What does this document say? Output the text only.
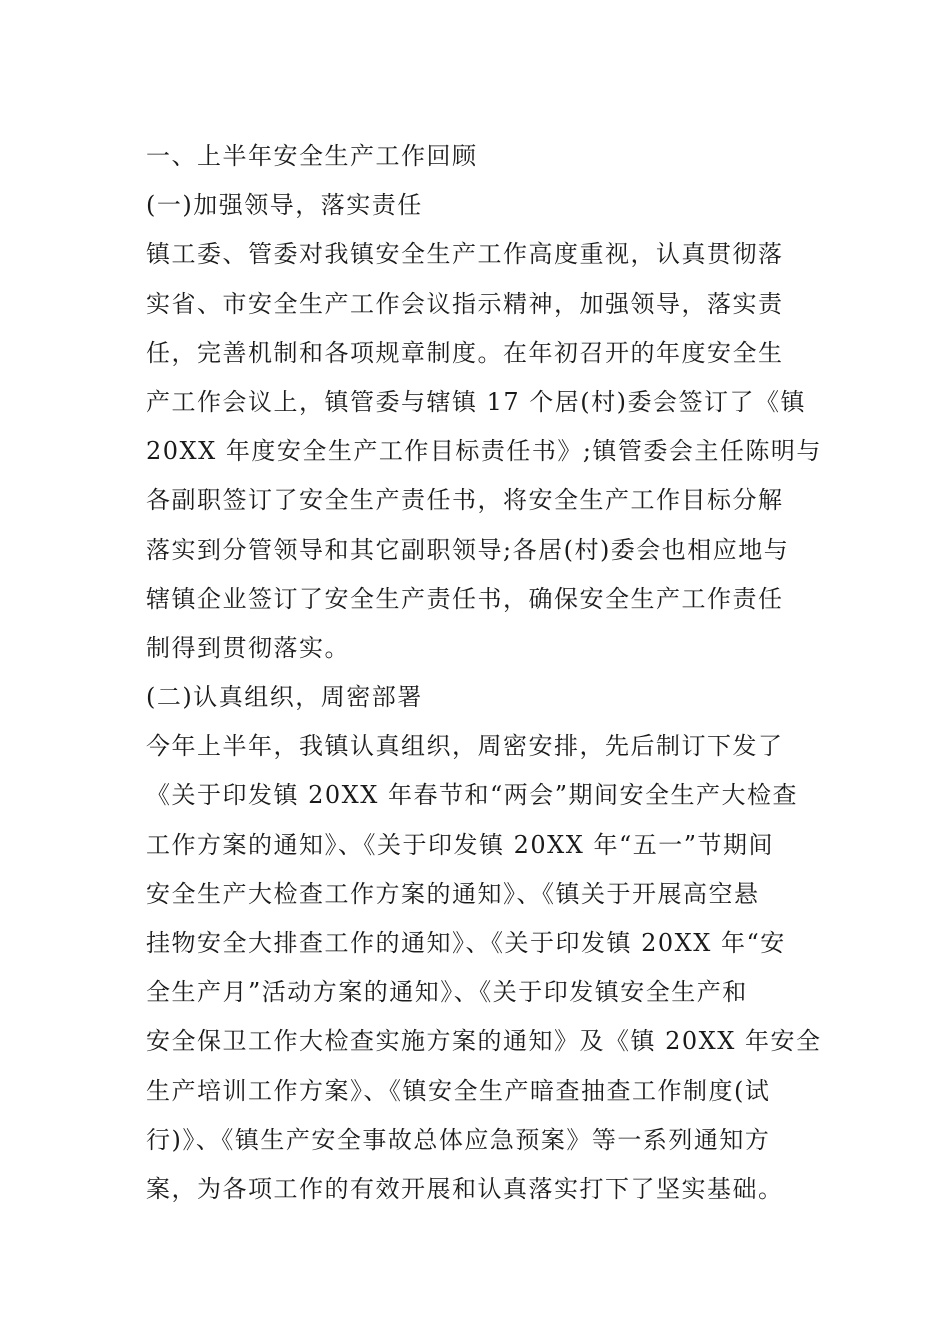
一、上半年安全生产工作回顾
(一)加强领导，落实责任
镇工委、管委对我镇安全生产工作高度重视，认真贯彻落
实省、市安全生产工作会议指示精神，加强领导，落实责
任，完善机制和各项规章制度。在年初召开的年度安全生
产工作会议上，镇管委与辖镇 17 个居(村)委会签订了《镇
20XX 年度安全生产工作目标责任书》;镇管委会主任陈明与
各副职签订了安全生产责任书，将安全生产工作目标分解
落实到分管领导和其它副职领导;各居(村)委会也相应地与
辖镇企业签订了安全生产责任书，确保安全生产工作责任
制得到贯彻落实。
(二)认真组织，周密部署
今年上半年，我镇认真组织，周密安排，先后制订下发了
《关于印发镇 20XX 年春节和“两会”期间安全生产大检查
工作方案的通知》、《关于印发镇 20XX 年“五一”节期间
安全生产大检查工作方案的通知》、《镇关于开展高空悬
挂物安全大排查工作的通知》、《关于印发镇 20XX 年“安
全生产月”活动方案的通知》、《关于印发镇安全生产和
安全保卫工作大检查实施方案的通知》及《镇 20XX 年安全
生产培训工作方案》、《镇安全生产暗查抽查工作制度(试
行)》、《镇生产安全事故总体应急预案》等一系列通知方
案，为各项工作的有效开展和认真落实打下了坚实基础。
